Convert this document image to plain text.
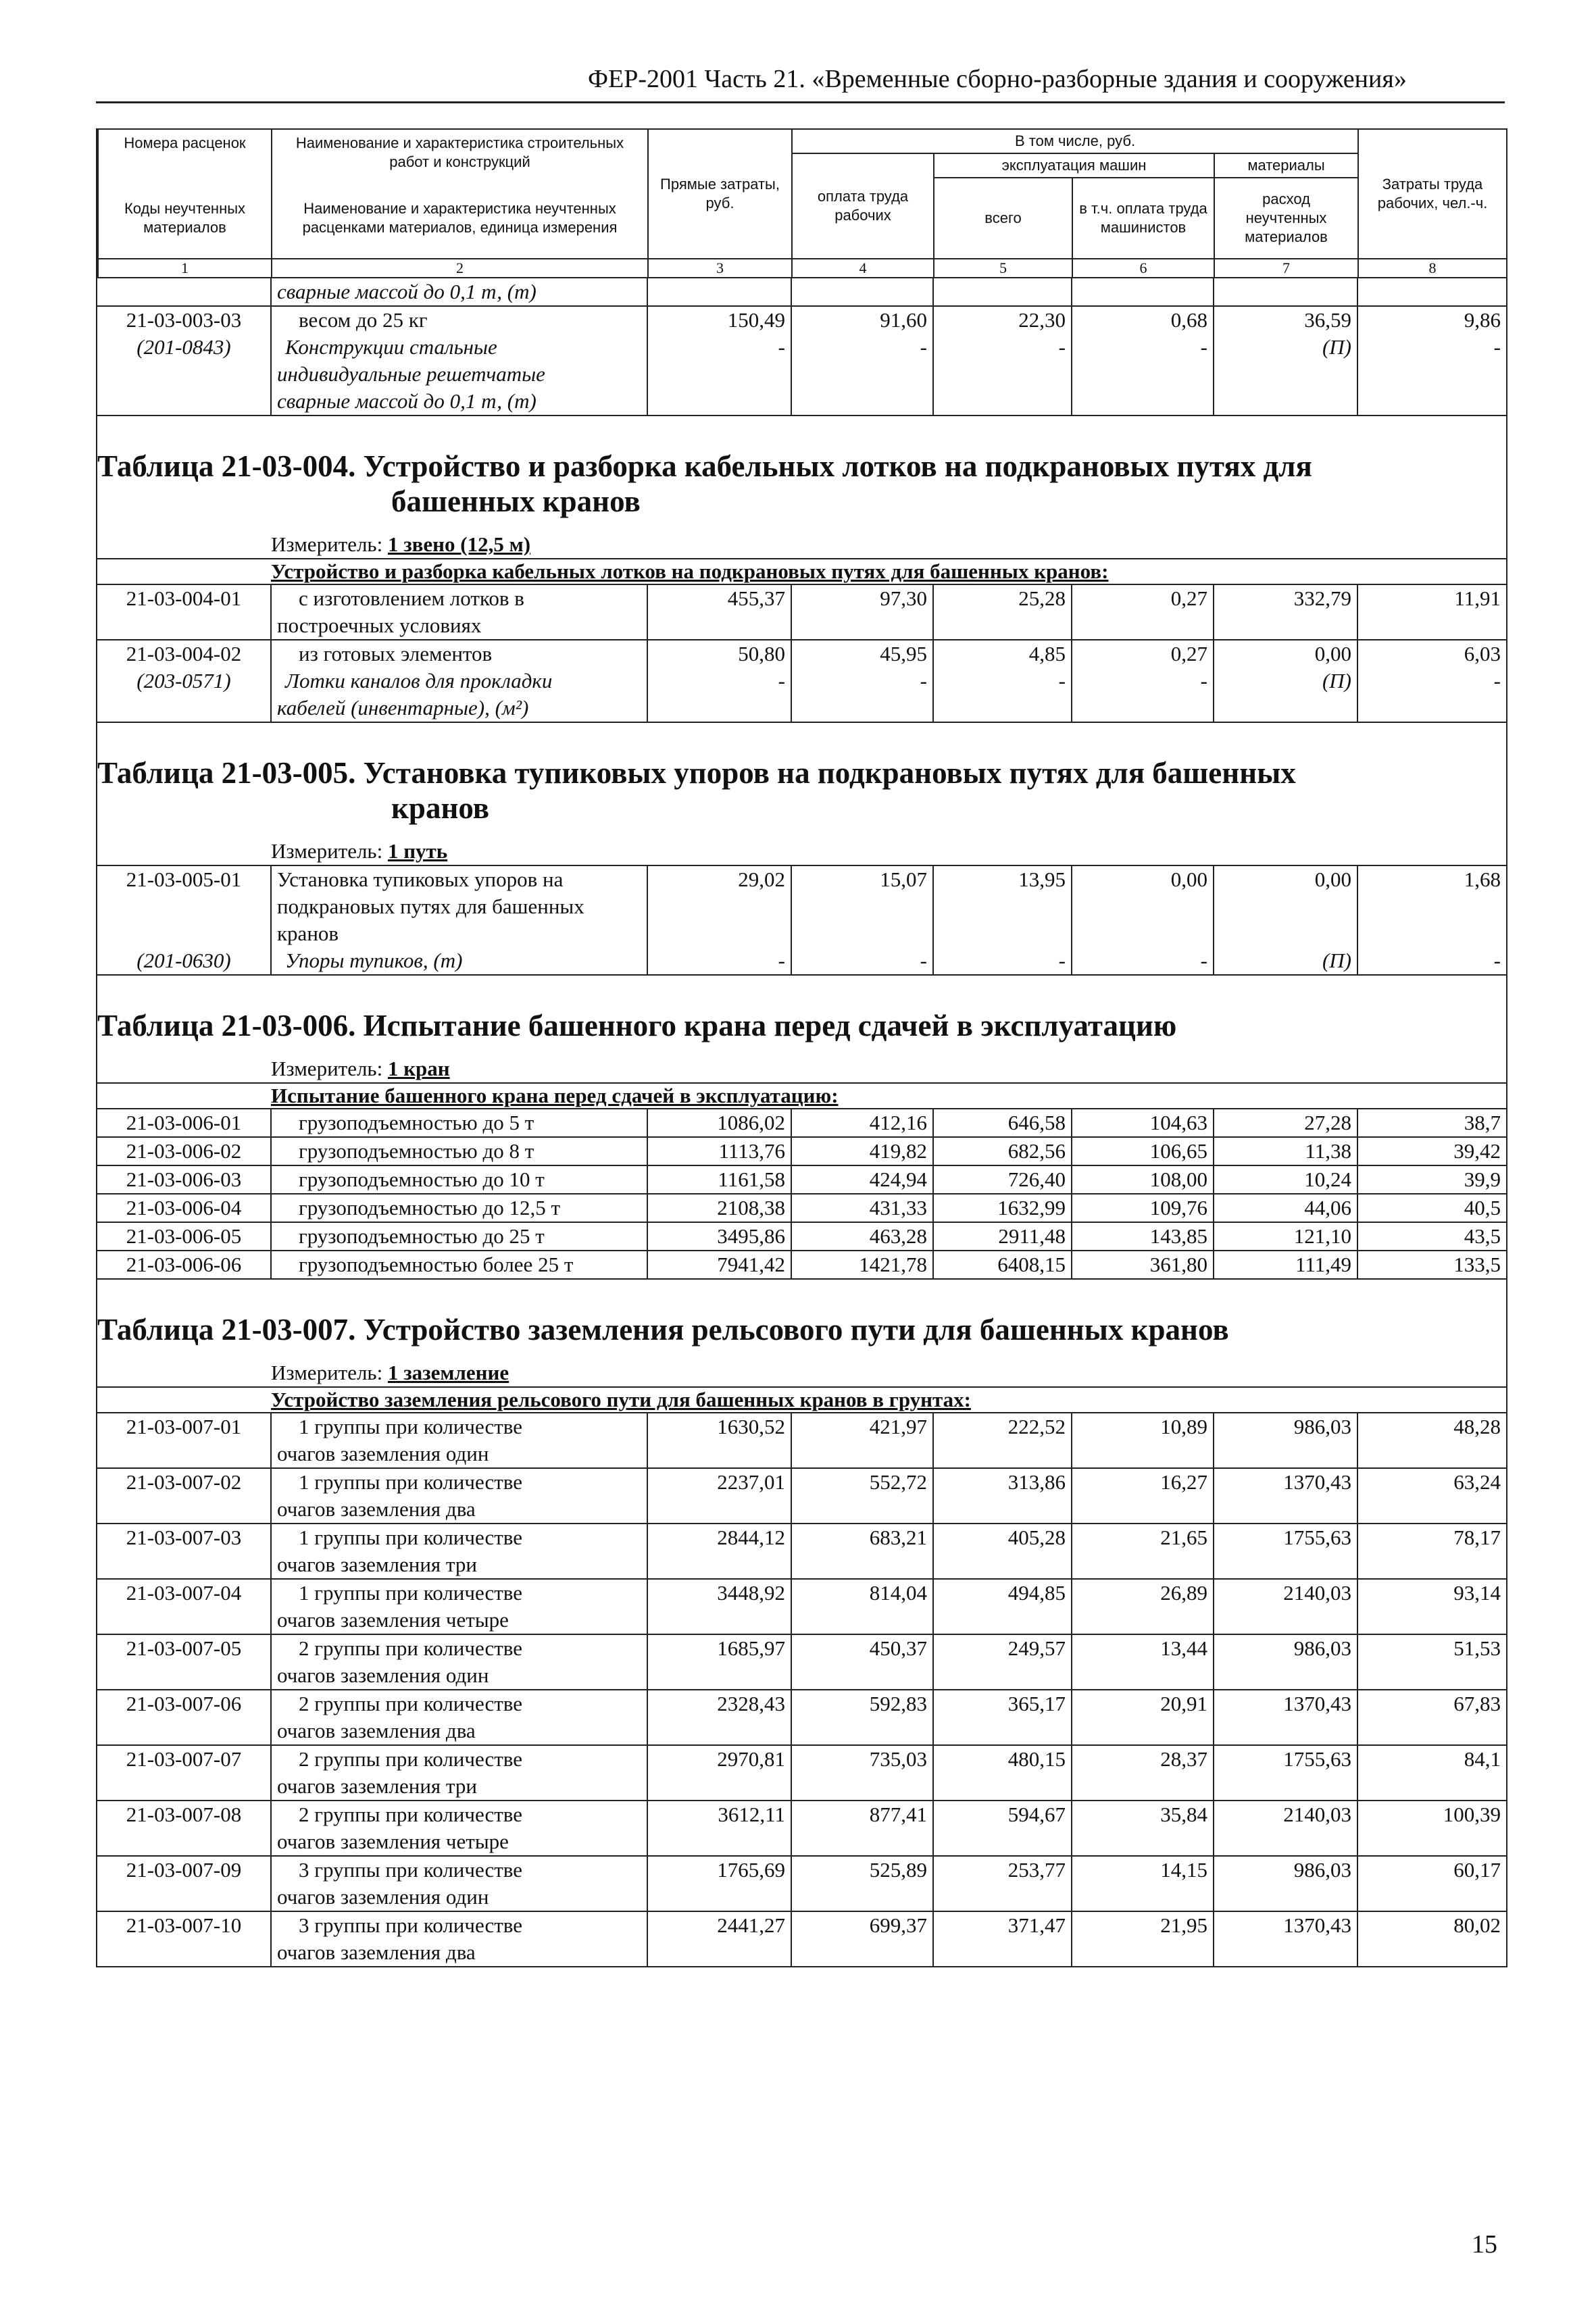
ФЕР-2001 Часть 21. «Временные сборно-разборные здания и сооружения»
Номера расценок	Наименование и характеристика строительных работ и конструкций	Прямые затраты, руб.	В том числе, руб.				Затраты труда рабочих, чел.-ч.
			оплата труда рабочих	эксплуатация машин		материалы	
Коды неучтенных материалов	Наименование и характеристика неучтенных расценками материалов, единица измерения			всего	в т.ч. оплата труда машинистов	расход неучтенных материалов	

1	2	3	4	5	6	7	8
	сварные массой до 0,1 т, (т)						
21-03-003-03	весом до 25 кг	150,49	91,60	22,30	0,68	36,59	9,86
(201-0843)	Конструкции стальные	-	-	-	-	(П)	-
	индивидуальные решетчатые						
	сварные массой до 0,1 т, (т)						
Таблица 21-03-004. Устройство и разборка кабельных лотков на подкрановых путях для
башенных кранов
Измеритель: 1 звено (12,5 м)
Устройство и разборка кабельных лотков на подкрановых путях для башенных кранов:
21-03-004-01	с изготовлением лотков в	455,37	97,30	25,28	0,27	332,79	11,91
	построечных условиях						
21-03-004-02	из готовых элементов	50,80	45,95	4,85	0,27	0,00	6,03
(203-0571)	Лотки каналов для прокладки	-	-	-	-	(П)	-
	кабелей (инвентарные), (м²)						
Таблица 21-03-005. Установка тупиковых упоров на подкрановых путях для башенных
кранов
Измеритель: 1 путь
21-03-005-01	Установка тупиковых упоров на	29,02	15,07	13,95	0,00	0,00	1,68
	подкрановых путях для башенных						
	кранов						
(201-0630)	Упоры тупиков, (т)	-	-	-	-	(П)	-
Таблица 21-03-006. Испытание башенного крана перед сдачей в эксплуатацию
Измеритель: 1 кран
Испытание башенного крана перед сдачей в эксплуатацию:
21-03-006-01	грузоподъемностью до 5 т	1086,02	412,16	646,58	104,63	27,28	38,7
21-03-006-02	грузоподъемностью до 8 т	1113,76	419,82	682,56	106,65	11,38	39,42
21-03-006-03	грузоподъемностью до 10 т	1161,58	424,94	726,40	108,00	10,24	39,9
21-03-006-04	грузоподъемностью до 12,5 т	2108,38	431,33	1632,99	109,76	44,06	40,5
21-03-006-05	грузоподъемностью до 25 т	3495,86	463,28	2911,48	143,85	121,10	43,5
21-03-006-06	грузоподъемностью более 25 т	7941,42	1421,78	6408,15	361,80	111,49	133,5
Таблица 21-03-007. Устройство заземления рельсового пути для башенных кранов
Измеритель: 1 заземление
Устройство заземления рельсового пути для башенных кранов в грунтах:
21-03-007-01	1 группы при количестве	1630,52	421,97	222,52	10,89	986,03	48,28
	очагов заземления один						
21-03-007-02	1 группы при количестве	2237,01	552,72	313,86	16,27	1370,43	63,24
	очагов заземления два						
21-03-007-03	1 группы при количестве	2844,12	683,21	405,28	21,65	1755,63	78,17
	очагов заземления три						
21-03-007-04	1 группы при количестве	3448,92	814,04	494,85	26,89	2140,03	93,14
	очагов заземления четыре						
21-03-007-05	2 группы при количестве	1685,97	450,37	249,57	13,44	986,03	51,53
	очагов заземления один						
21-03-007-06	2 группы при количестве	2328,43	592,83	365,17	20,91	1370,43	67,83
	очагов заземления два						
21-03-007-07	2 группы при количестве	2970,81	735,03	480,15	28,37	1755,63	84,1
	очагов заземления три						
21-03-007-08	2 группы при количестве	3612,11	877,41	594,67	35,84	2140,03	100,39
	очагов заземления четыре						
21-03-007-09	3 группы при количестве	1765,69	525,89	253,77	14,15	986,03	60,17
	очагов заземления один						
21-03-007-10	3 группы при количестве	2441,27	699,37	371,47	21,95	1370,43	80,02
	очагов заземления два						
15
